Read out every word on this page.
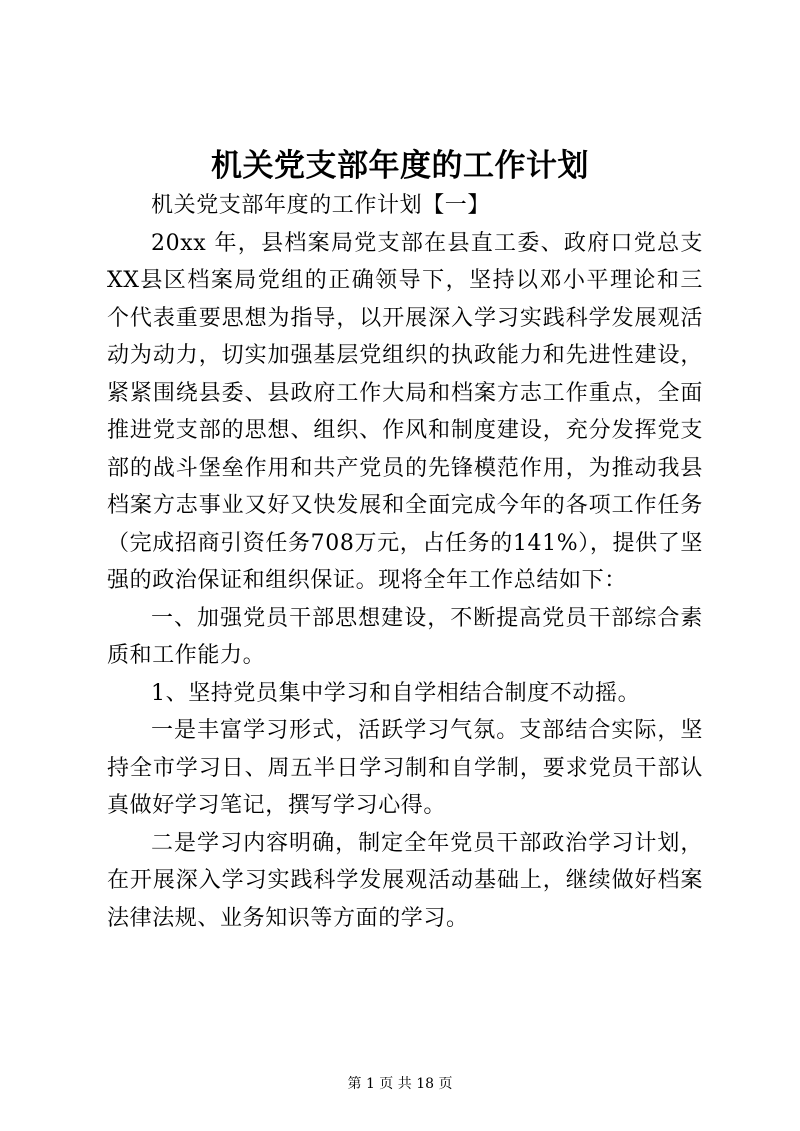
机关党支部年度的工作计划

机关党支部年度的工作计划【一】

20xx 年，县档案局党支部在县直工委、政府口党总支XX县区档案局党组的正确领导下，坚持以邓小平理论和三个代表重要思想为指导，以开展深入学习实践科学发展观活动为动力，切实加强基层党组织的执政能力和先进性建设，紧紧围绕县委、县政府工作大局和档案方志工作重点，全面推进党支部的思想、组织、作风和制度建设，充分发挥党支部的战斗堡垒作用和共产党员的先锋模范作用，为推动我县档案方志事业又好又快发展和全面完成今年的各项工作任务（完成招商引资任务708万元，占任务的141%），提供了坚强的政治保证和组织保证。现将全年工作总结如下：

一、加强党员干部思想建设，不断提高党员干部综合素质和工作能力。

1、坚持党员集中学习和自学相结合制度不动摇。

一是丰富学习形式，活跃学习气氛。支部结合实际，坚持全市学习日、周五半日学习制和自学制，要求党员干部认真做好学习笔记，撰写学习心得。

二是学习内容明确，制定全年党员干部政治学习计划，在开展深入学习实践科学发展观活动基础上，继续做好档案法律法规、业务知识等方面的学习。

第 1 页 共 18 页
